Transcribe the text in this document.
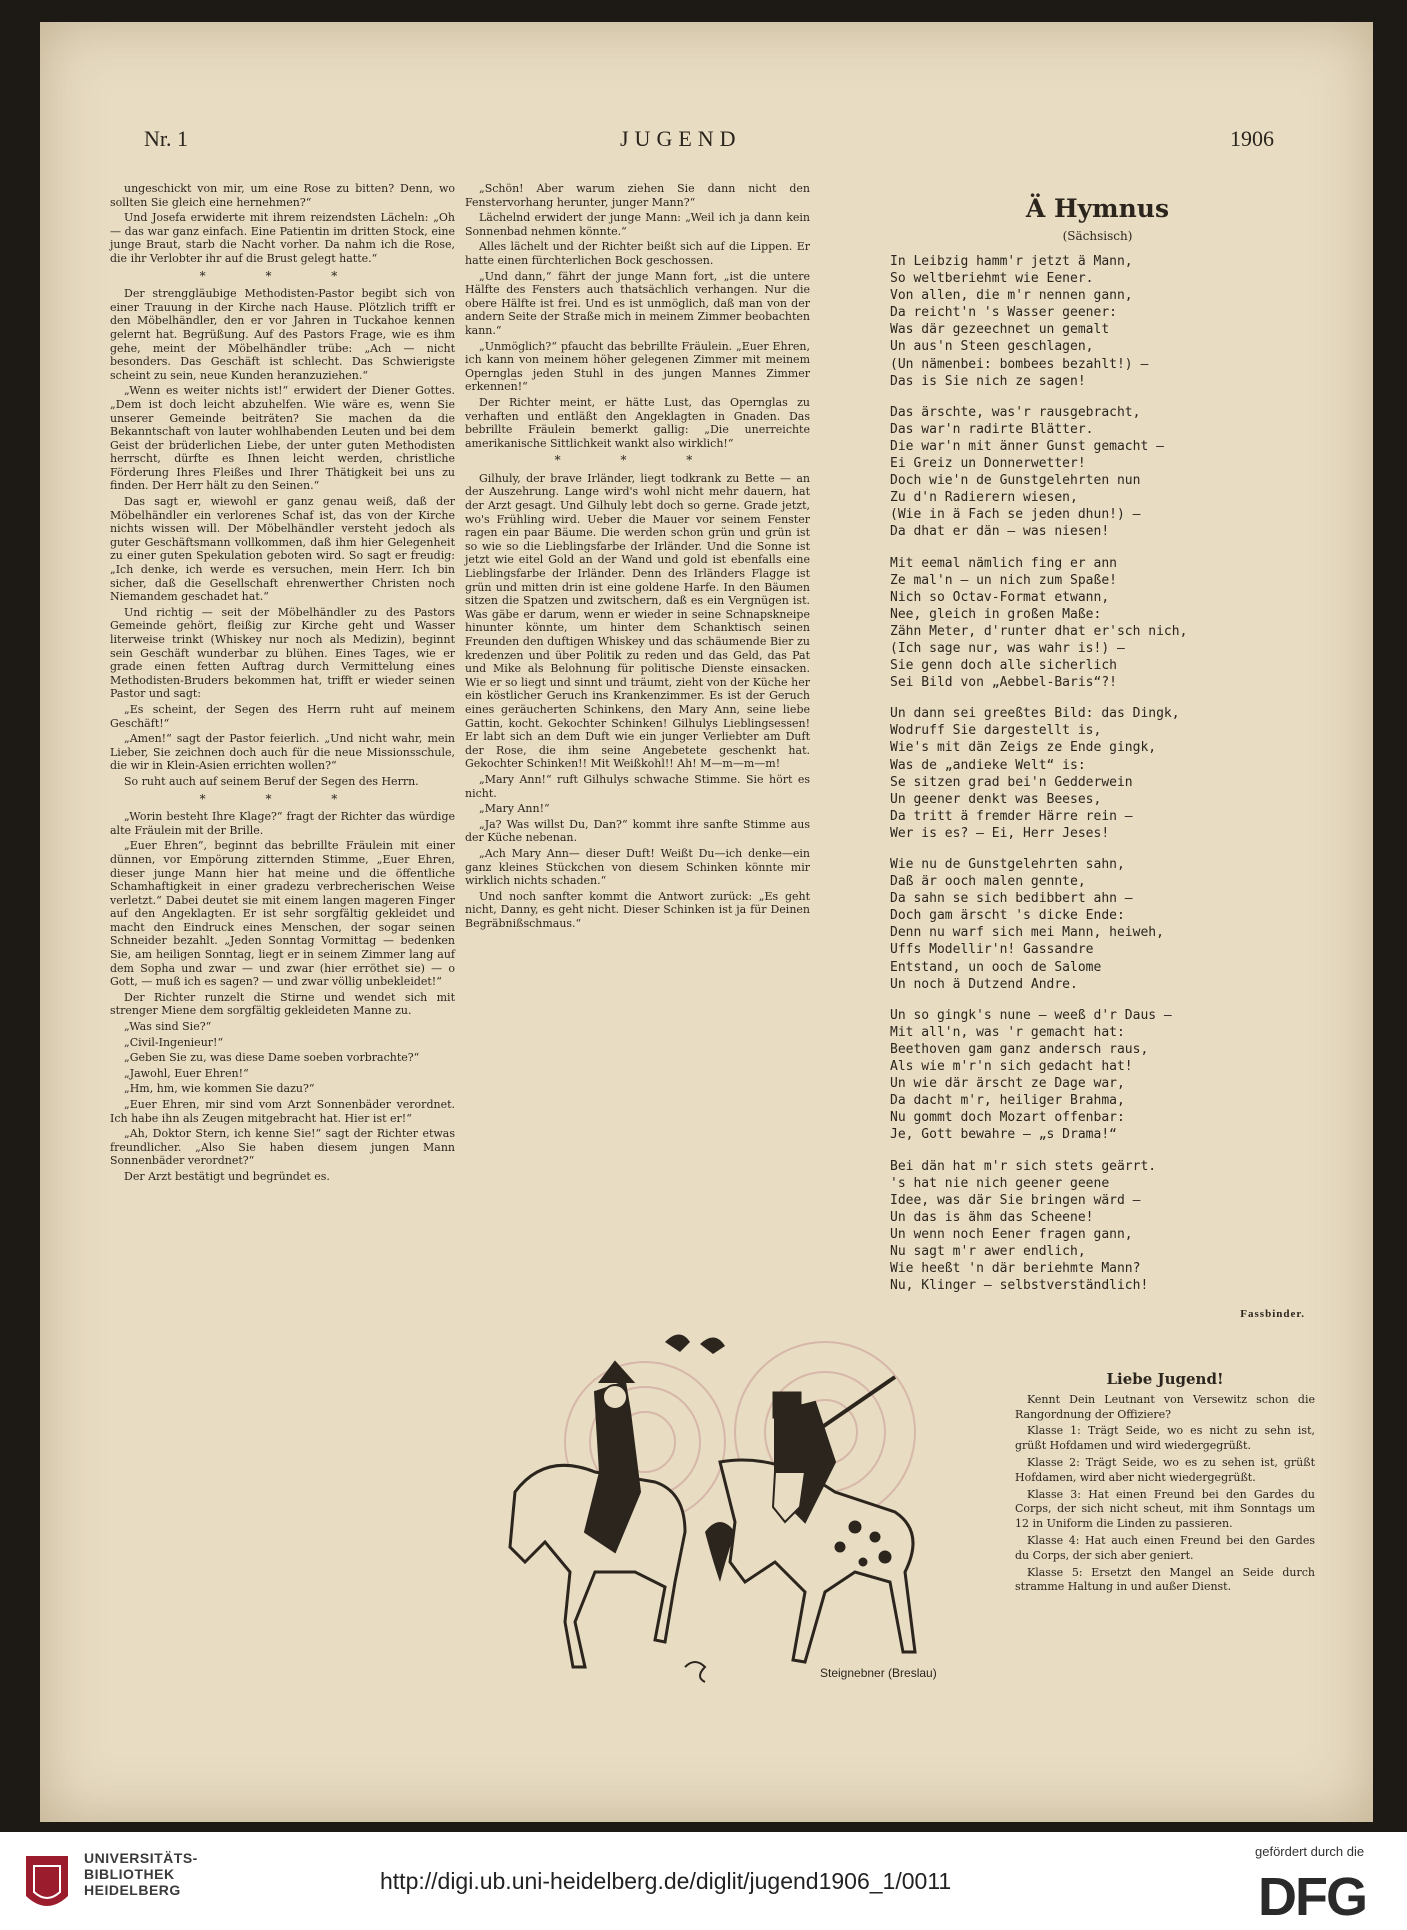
Nr. 1	JUGEND	1906

ungeschickt von mir, um eine Rose zu bitten? Denn, wo sollten Sie gleich eine hernehmen?“

Und Josefa erwiderte mit ihrem reizendsten Lächeln: „Oh — das war ganz einfach. Eine Patientin im dritten Stock, eine junge Braut, starb die Nacht vorher. Da nahm ich die Rose, die ihr Verlobter ihr auf die Brust gelegt hatte.“

* * *

Der strenggläubige Methodisten-Pastor begibt sich von einer Trauung in der Kirche nach Hause. Plötzlich trifft er den Möbelhändler, den er vor Jahren in Tuckahoe kennen gelernt hat. Begrüßung. Auf des Pastors Frage, wie es ihm gehe, meint der Möbelhändler trübe: „Ach — nicht besonders. Das Geschäft ist schlecht. Das Schwierigste scheint zu sein, neue Kunden heranzuziehen.“

„Wenn es weiter nichts ist!“ erwidert der Diener Gottes. „Dem ist doch leicht abzuhelfen. Wie wäre es, wenn Sie unserer Gemeinde beiträten? Sie machen da die Bekanntschaft von lauter wohlhabenden Leuten und bei dem Geist der brüderlichen Liebe, der unter guten Methodisten herrscht, dürfte es Ihnen leicht werden, christliche Förderung Ihres Fleißes und Ihrer Thätigkeit bei uns zu finden. Der Herr hält zu den Seinen.“

Das sagt er, wiewohl er ganz genau weiß, daß der Möbelhändler ein verlorenes Schaf ist, das von der Kirche nichts wissen will. Der Möbelhändler versteht jedoch als guter Geschäftsmann vollkommen, daß ihm hier Gelegenheit zu einer guten Spekulation geboten wird. So sagt er freudig: „Ich denke, ich werde es versuchen, mein Herr. Ich bin sicher, daß die Gesellschaft ehrenwerther Christen noch Niemandem geschadet hat.“

Und richtig — seit der Möbelhändler zu des Pastors Gemeinde gehört, fleißig zur Kirche geht und Wasser literweise trinkt (Whiskey nur noch als Medizin), beginnt sein Geschäft wunderbar zu blühen. Eines Tages, wie er grade einen fetten Auftrag durch Vermittelung eines Methodisten-Bruders bekommen hat, trifft er wieder seinen Pastor und sagt:

„Es scheint, der Segen des Herrn ruht auf meinem Geschäft!“

„Amen!“ sagt der Pastor feierlich. „Und nicht wahr, mein Lieber, Sie zeichnen doch auch für die neue Missionsschule, die wir in Klein-Asien errichten wollen?“

So ruht auch auf seinem Beruf der Segen des Herrn.

* * *

„Worin besteht Ihre Klage?“ fragt der Richter das würdige alte Fräulein mit der Brille.

„Euer Ehren“, beginnt das bebrillte Fräulein mit einer dünnen, vor Empörung zitternden Stimme, „Euer Ehren, dieser junge Mann hier hat meine und die öffentliche Schamhaftigkeit in einer gradezu verbrecherischen Weise verletzt.“ Dabei deutet sie mit einem langen mageren Finger auf den Angeklagten. Er ist sehr sorgfältig gekleidet und macht den Eindruck eines Menschen, der sogar seinen Schneider bezahlt. „Jeden Sonntag Vormittag — bedenken Sie, am heiligen Sonntag, liegt er in seinem Zimmer lang auf dem Sopha und zwar — und zwar (hier erröthet sie) — o Gott, — muß ich es sagen? — und zwar völlig unbekleidet!“

Der Richter runzelt die Stirne und wendet sich mit strenger Miene dem sorgfältig gekleideten Manne zu.

„Was sind Sie?“

„Civil-Ingenieur!“

„Geben Sie zu, was diese Dame soeben vorbrachte?“

„Jawohl, Euer Ehren!“

„Hm, hm, wie kommen Sie dazu?“

„Euer Ehren, mir sind vom Arzt Sonnenbäder verordnet. Ich habe ihn als Zeugen mitgebracht hat. Hier ist er!“

„Ah, Doktor Stern, ich kenne Sie!“ sagt der Richter etwas freundlicher. „Also Sie haben diesem jungen Mann Sonnenbäder verordnet?“

Der Arzt bestätigt und begründet es.

„Schön! Aber warum ziehen Sie dann nicht den Fenstervorhang herunter, junger Mann?“

Lächelnd erwidert der junge Mann: „Weil ich ja dann kein Sonnenbad nehmen könnte.“

Alles lächelt und der Richter beißt sich auf die Lippen. Er hatte einen fürchterlichen Bock geschossen.

„Und dann,“ fährt der junge Mann fort, „ist die untere Hälfte des Fensters auch thatsächlich verhangen. Nur die obere Hälfte ist frei. Und es ist unmöglich, daß man von der andern Seite der Straße mich in meinem Zimmer beobachten kann.“

„Unmöglich?“ pfaucht das bebrillte Fräulein. „Euer Ehren, ich kann von meinem höher gelegenen Zimmer mit meinem Operngla̲s jeden Stuhl in des jungen Mannes Zimmer erkennen!“

Der Richter meint, er hätte Lust, das Opernglas zu verhaften und entläßt den Angeklagten in Gnaden. Das bebrillte Fräulein bemerkt gallig: „Die unerreichte amerikanische Sittlichkeit wankt also wirklich!“

* * *

Gilhuly, der brave Irländer, liegt todkrank zu Bette — an der Auszehrung. Lange wird's wohl nicht mehr dauern, hat der Arzt gesagt. Und Gilhuly lebt doch so gerne. Grade jetzt, wo's Frühling wird. Ueber die Mauer vor seinem Fenster ragen ein paar Bäume. Die werden schon grün und grün ist so wie so die Lieblingsfarbe der Irländer. Und die Sonne ist jetzt wie eitel Gold an der Wand und gold ist ebenfalls eine Lieblingsfarbe der Irländer. Denn des Irländers Flagge ist grün und mitten drin ist eine goldene Harfe. In den Bäumen sitzen die Spatzen und zwitschern, daß es ein Vergnügen ist. Was gäbe er darum, wenn er wieder in seine Schnapskneipe hinunter könnte, um hinter dem Schanktisch seinen Freunden den duftigen Whiskey und das schäumende Bier zu kredenzen und über Politik zu reden und das Geld, das Pat und Mike als Belohnung für politische Dienste einsacken. Wie er so liegt und sinnt und träumt, zieht von der Küche her ein köstlicher Geruch ins Krankenzimmer. Es ist der Geruch eines geräucherten Schinkens, den Mary Ann, seine liebe Gattin, kocht. Gekochter Schinken! Gilhulys Lieblingsessen! Er labt sich an dem Duft wie ein junger Verliebter am Duft der Rose, die ihm seine Angebetete geschenkt hat. Gekochter Schinken!! Mit Weißkohl!! Ah! M—m—m—m!

„Mary Ann!“ ruft Gilhulys schwache Stimme. Sie hört es nicht.

„Mary Ann!“

„Ja? Was willst Du, Dan?“ kommt ihre sanfte Stimme aus der Küche nebenan.

„Ach Mary Ann— dieser Duft! Weißt Du—ich denke—ein ganz kleines Stückchen von diesem Schinken könnte mir wirklich nichts schaden.“

Und noch sanfter kommt die Antwort zurück: „Es geht nicht, Danny, es geht nicht. Dieser Schinken ist ja für Deinen Begräbnißschmaus.“

Ä Hymnus
(Sächsisch)
In Leibzig hamm'r jetzt ä Mann,
So weltberiehmt wie Eener.
Von allen, die m'r nennen gann,
Da reicht'n 's Wasser geener:
Was där gezeechnet un gemalt
Un aus'n Steen geschlagen,
(Un nämenbei: bombees bezahlt!) —
Das is Sie nich ze sagen!
Das ärschte, was'r rausgebracht,
Das war'n radirte Blätter.
Die war'n mit änner Gunst gemacht —
Ei Greiz un Donnerwetter!
Doch wie'n de Gunstgelehrten nun
Zu d'n Radierern wiesen,
(Wie in ä Fach se jeden dhun!) —
Da dhat er dän — was niesen!
Mit eemal nämlich fing er ann
Ze mal'n — un nich zum Spaße!
Nich so Octav-Format etwann,
Nee, gleich in großen Maße:
Zähn Meter, d'runter dhat er'sch nich,
(Ich sage nur, was wahr is!) —
Sie genn doch alle sicherlich
Sei Bild von „Aebbel-Baris“?!
Un dann sei greeßtes Bild: das Dingk,
Wodruff Sie dargestellt is,
Wie's mit dän Zeigs ze Ende gingk,
Was de „andieke Welt“ is:
Se sitzen grad bei'n Gedderwein
Un geener denkt was Beeses,
Da tritt ä fremder Härre rein —
Wer is es? — Ei, Herr Jeses!
Wie nu de Gunstgelehrten sahn,
Daß är ooch malen gennte,
Da sahn se sich bedibbert ahn —
Doch gam ärscht 's dicke Ende:
Denn nu warf sich mei Mann, heiweh,
Uffs Modellir'n! Gassandre
Entstand, un ooch de Salome
Un noch ä Dutzend Andre.
Un so gingk's nune — weeß d'r Daus —
Mit all'n, was 'r gemacht hat:
Beethoven gam ganz andersch raus,
Als wie m'r'n sich gedacht hat!
Un wie där ärscht ze Dage war,
Da dacht m'r, heiliger Brahma,
Nu gommt doch Mozart offenbar:
Je, Gott bewahre — „s Drama!“
Bei dän hat m'r sich stets geärrt.
's hat nie nich geener geene
Idee, was där Sie bringen wärd —
Un das is ähm das Scheene!
Un wenn noch Eener fragen gann,
Nu sagt m'r awer endlich,
Wie heeßt 'n där beriehmte Mann?
Nu, Klinger — selbstverständlich!
Fassbinder.
Steignebner (Breslau)
Liebe Jugend!

Kennt Dein Leutnant von Versewitz schon die Rangordnung der Offiziere?

Klasse 1: Trägt Seide, wo es nicht zu sehn ist, grüßt Hofdamen und wird wiedergegrüßt.

Klasse 2: Trägt Seide, wo es zu sehen ist, grüßt Hofdamen, wird aber nicht wiedergegrüßt.

Klasse 3: Hat einen Freund bei den Gardes du Corps, der sich nicht scheut, mit ihm Sonntags um 12 in Uniform die Linden zu passieren.

Klasse 4: Hat auch einen Freund bei den Gardes du Corps, der sich aber geniert.

Klasse 5: Ersetzt den Mangel an Seide durch stramme Haltung in und außer Dienst.

UNIVERSITÄTS-
BIBLIOTHEK
HEIDELBERG	http://digi.ub.uni-heidelberg.de/diglit/jugend1906_1/0011
gefördert durch die
DFG
